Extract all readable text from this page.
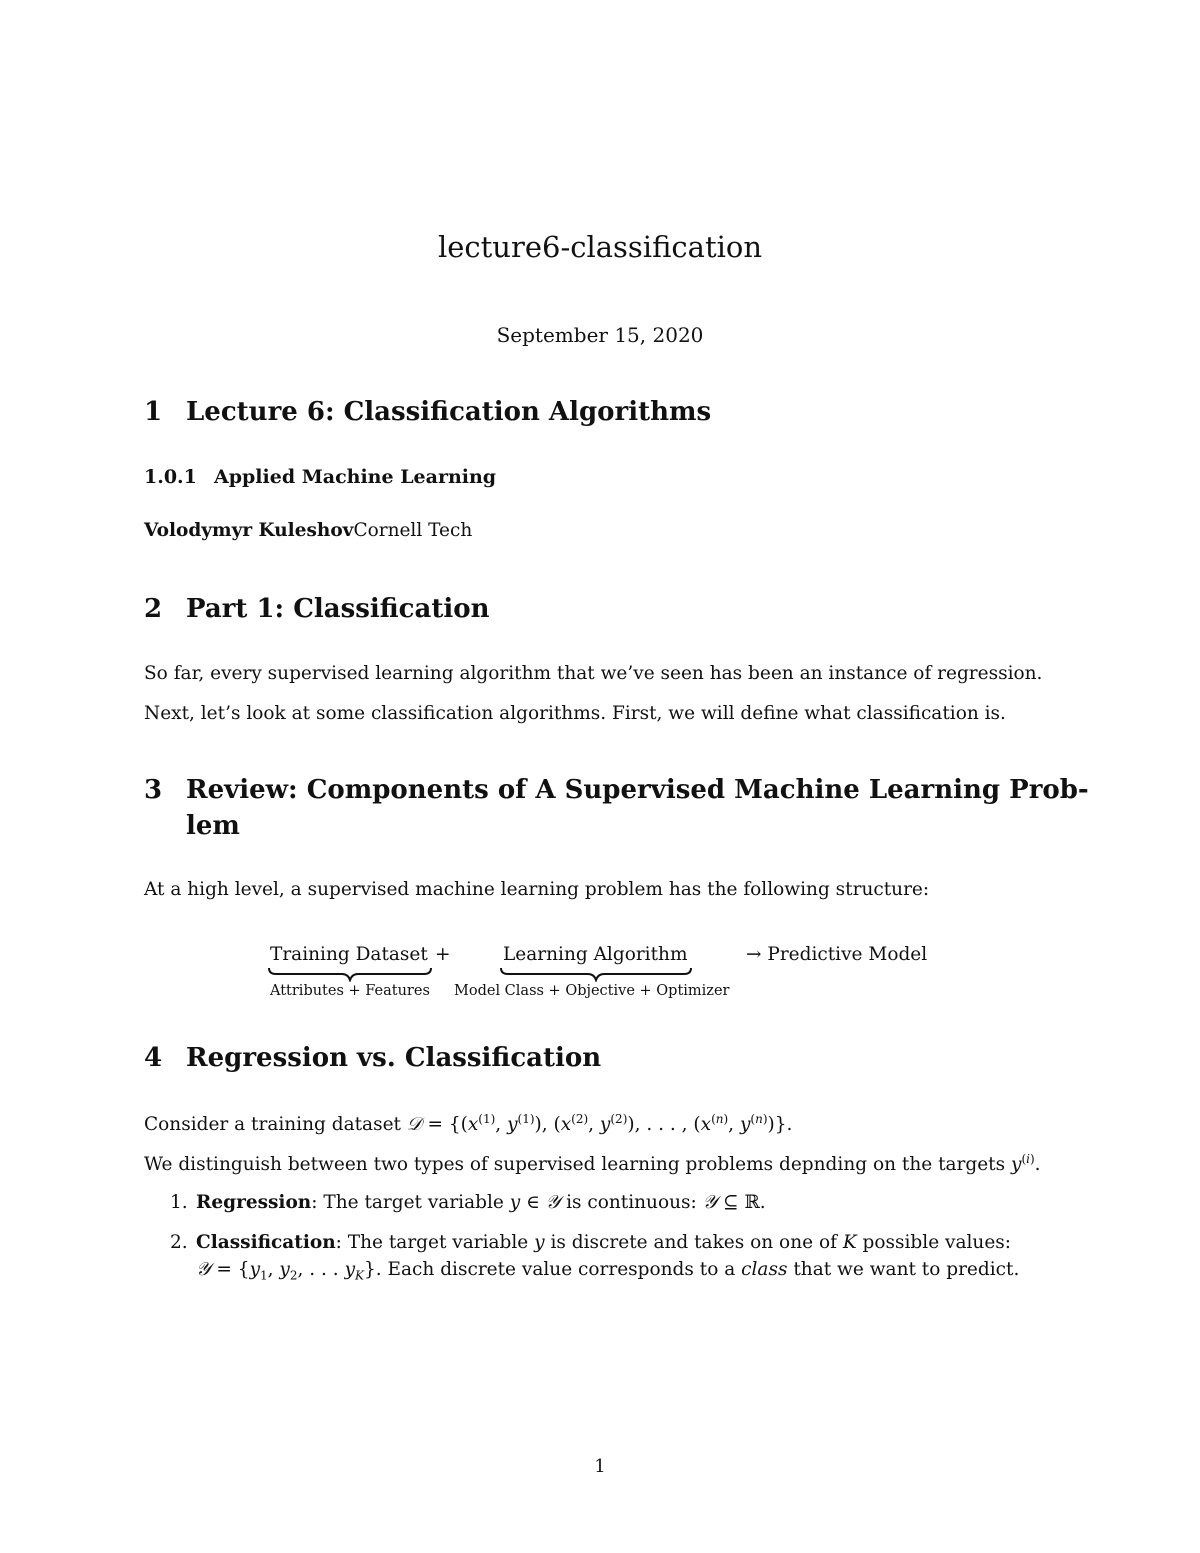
lecture6-classification
September 15, 2020
1 Lecture 6: Classification Algorithms
1.0.1 Applied Machine Learning
Volodymyr KuleshovCornell Tech
2 Part 1: Classification
So far, every supervised learning algorithm that we’ve seen has been an instance of regression.
Next, let’s look at some classification algorithms. First, we will define what classification is.
3 Review: Components of A Supervised Machine Learning Prob-
lem
At a high level, a supervised machine learning problem has the following structure:
Training Dataset +	Learning Algorithm	→ Predictive Model
Attributes + Features Model Class + Objective + Optimizer
4 Regression vs. Classification
Consider a training dataset 𝒟 = {($x^{(1)}$, $y^{(1)}$), ($x^{(2)}$, $y^{(2)}$), . . . , ($x^{(n)}$, $y^{(n)}$)}.
We distinguish between two types of supervised learning problems depnding on the targets $y^{(i)}$.
1. Regression: The target variable y ∈ 𝒴 is continuous: 𝒴 ⊆ ℝ.
2. Classification: The target variable y is discrete and takes on one of K possible values:
𝒴 = {$y_1$, $y_2$, . . . $y_K$}. Each discrete value corresponds to a class that we want to predict.
1
